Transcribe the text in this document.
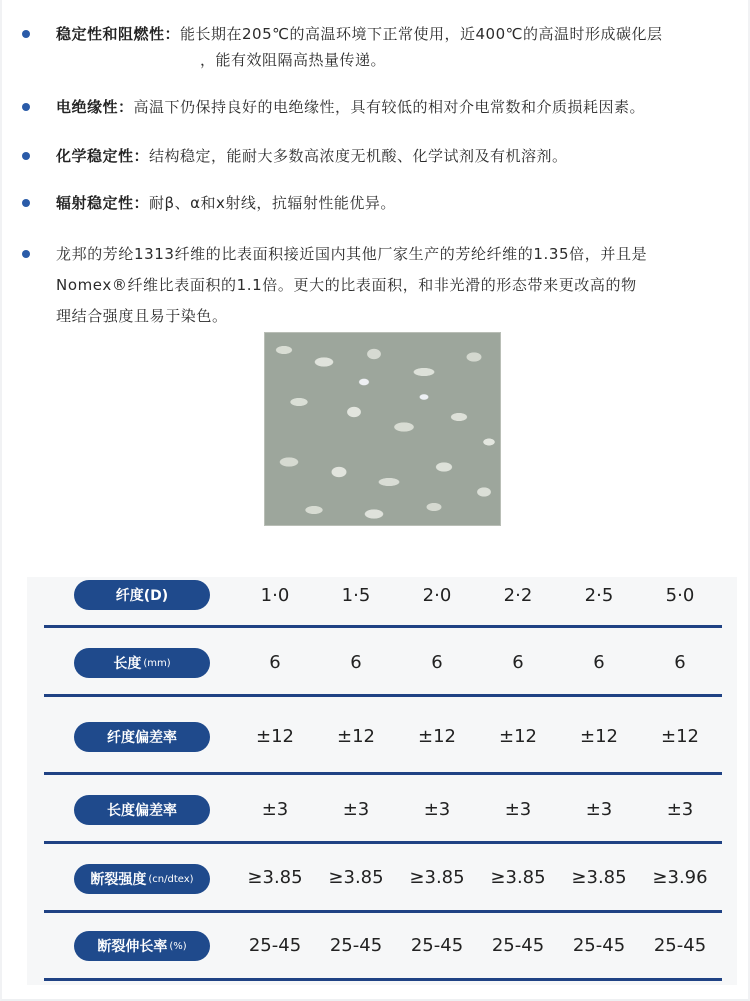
稳定性和阻燃性：能长期在205℃的高温环境下正常使用，近400℃的高温时形成碳化层
，能有效阻隔高热量传递。
电绝缘性：高温下仍保持良好的电绝缘性，具有较低的相对介电常数和介质损耗因素。
化学稳定性：结构稳定，能耐大多数高浓度无机酸、化学试剂及有机溶剂。
辐射稳定性：耐β、α和x射线，抗辐射性能优异。
龙邦的芳纶1313纤维的比表面积接近国内其他厂家生产的芳纶纤维的1.35倍，并且是
Nomex®纤维比表面积的1.1倍。更大的比表面积，和非光滑的形态带来更改高的物
理结合强度且易于染色。
纤度(D)	1·0	1·5	2·0	2·2	2·5	5·0
长度 (mm)	6	6	6	6	6	6
纤度偏差率	±12	±12	±12	±12	±12	±12
长度偏差率	±3	±3	±3	±3	±3	±3
断裂强度 (cn/dtex)	≥3.85	≥3.85	≥3.85	≥3.85	≥3.85	≥3.96
断裂伸长率 (%)	25-45	25-45	25-45	25-45	25-45	25-45
